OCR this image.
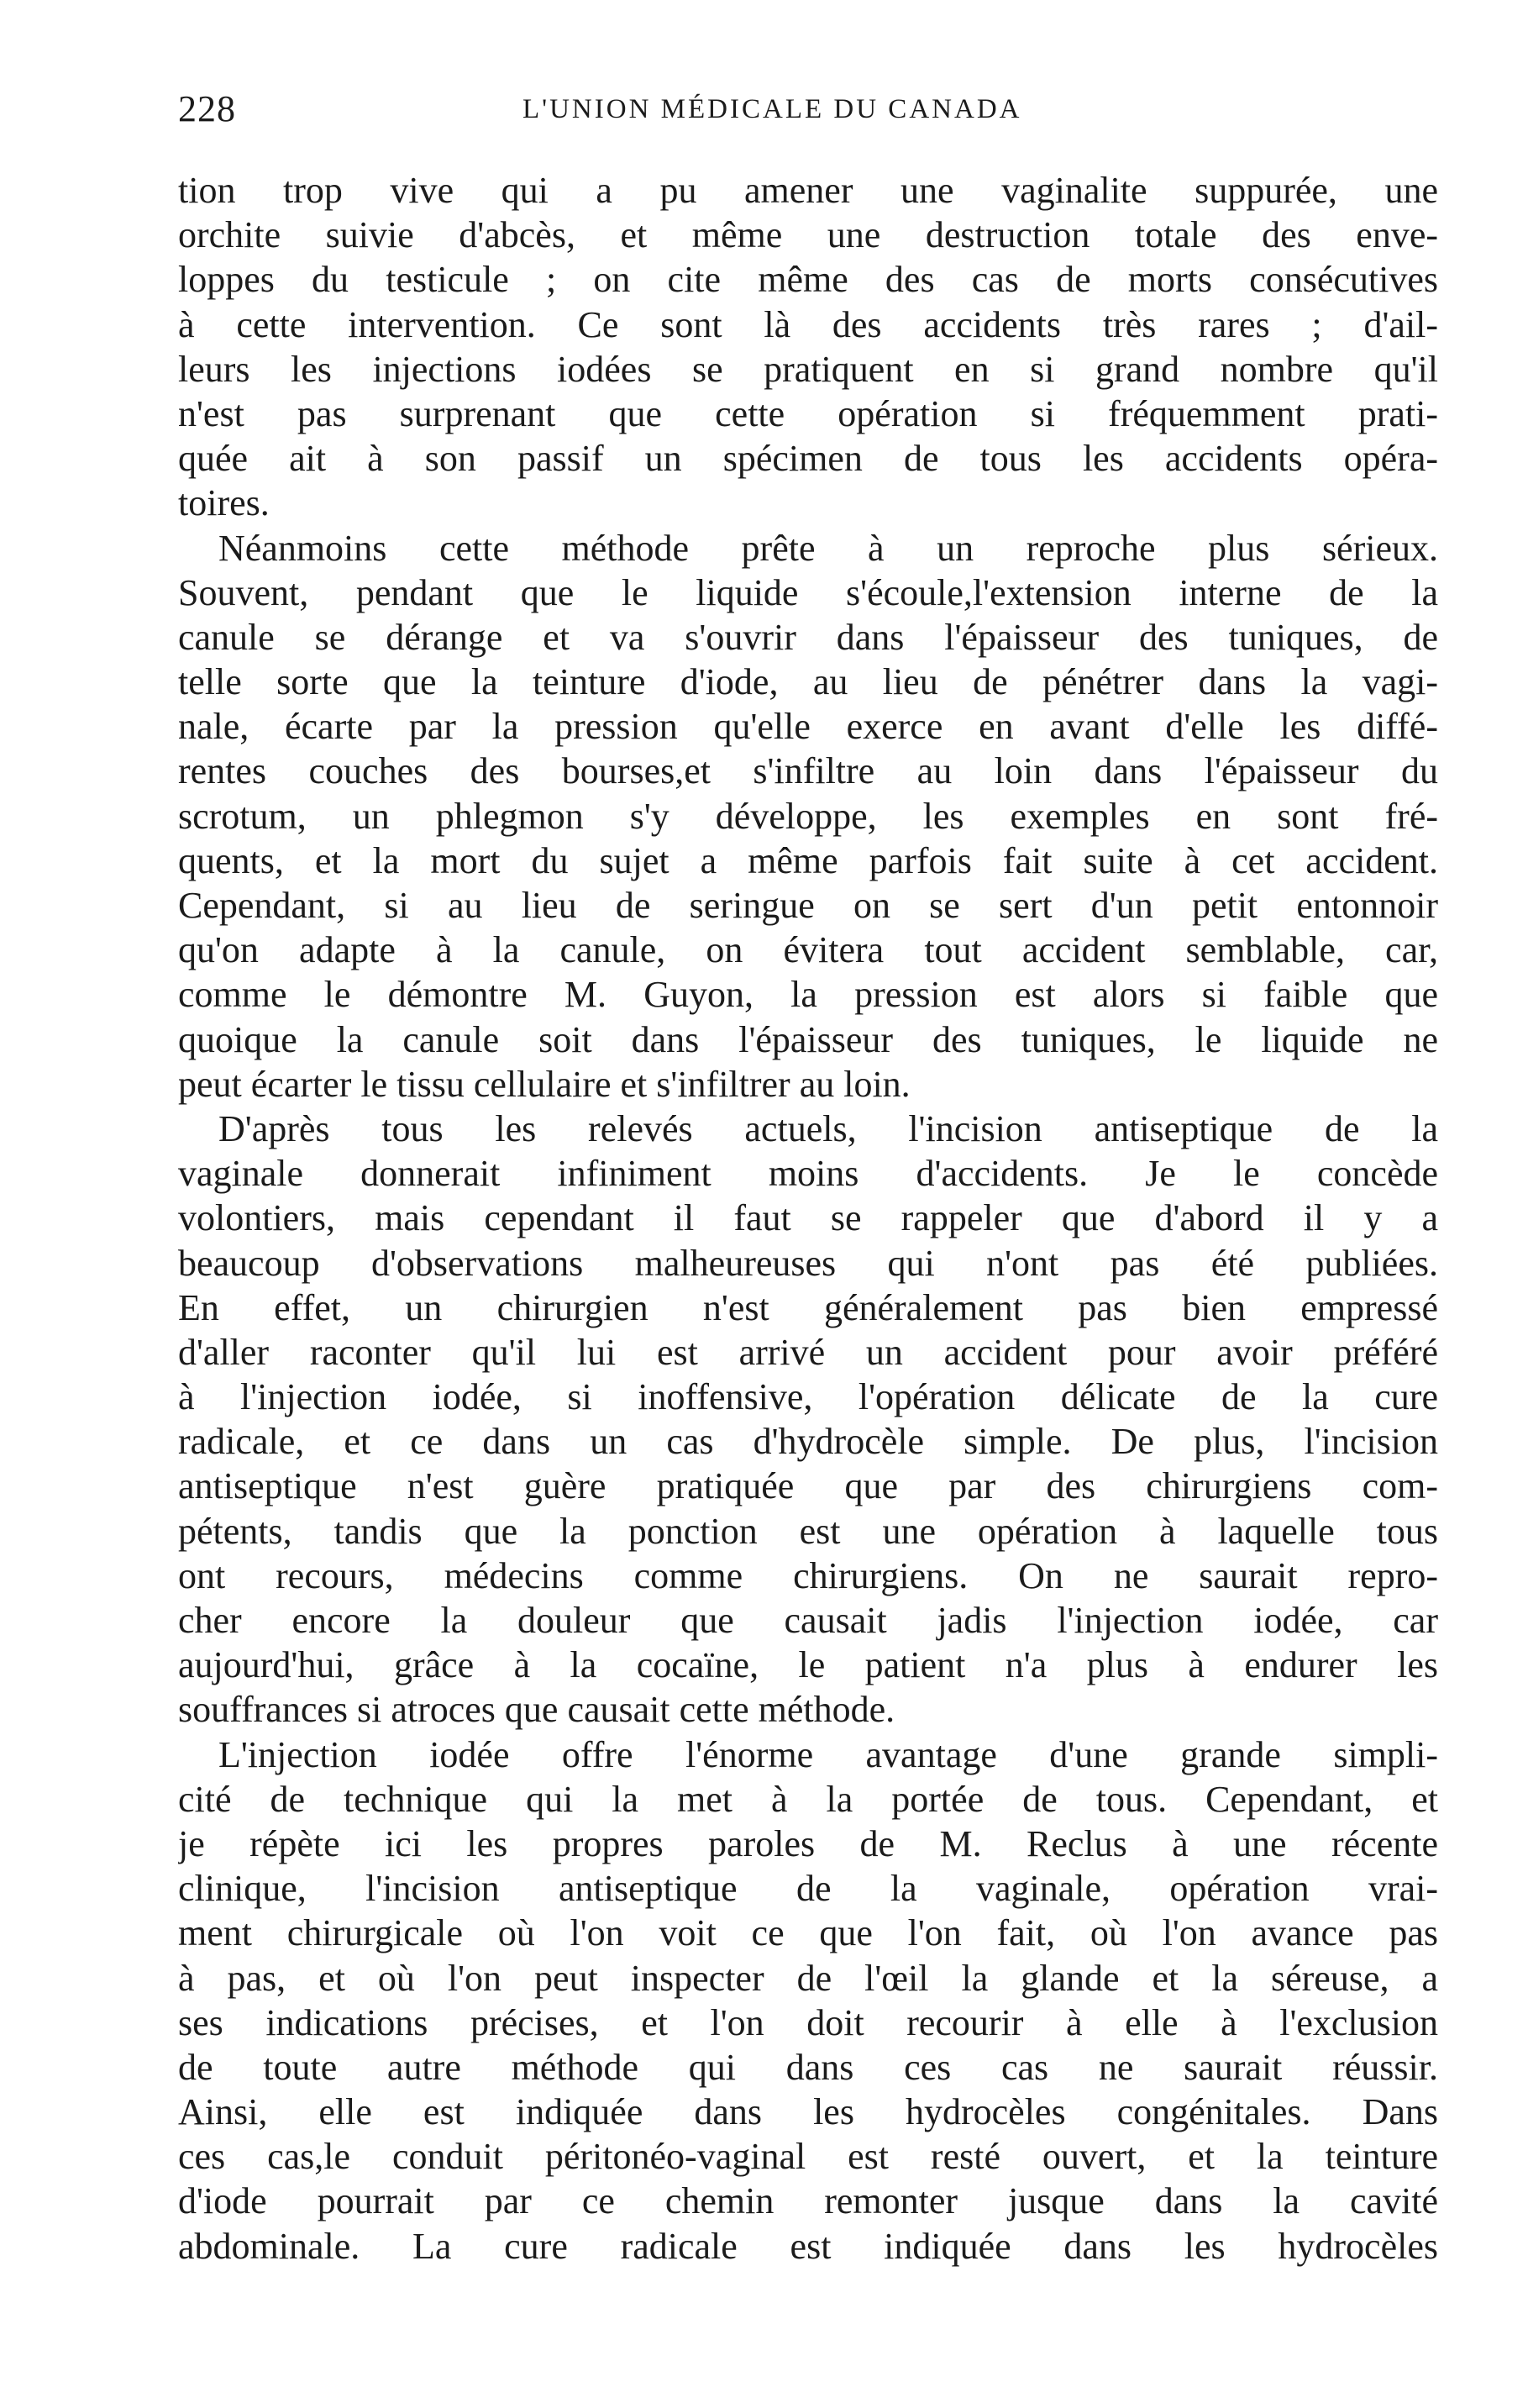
228	L'UNION MÉDICALE DU CANADA
tion trop vive qui a pu amener une vaginalite suppurée, une
orchite suivie d'abcès, et même une destruction totale des enve-
loppes du testicule ; on cite même des cas de morts consécutives
à cette intervention. Ce sont là des accidents très rares ; d'ail-
leurs les injections iodées se pratiquent en si grand nombre qu'il
n'est pas surprenant que cette opération si fréquemment prati-
quée ait à son passif un spécimen de tous les accidents opéra-
toires.
Néanmoins cette méthode prête à un reproche plus sérieux.
Souvent, pendant que le liquide s'écoule,l'extension interne de la
canule se dérange et va s'ouvrir dans l'épaisseur des tuniques, de
telle sorte que la teinture d'iode, au lieu de pénétrer dans la vagi-
nale, écarte par la pression qu'elle exerce en avant d'elle les diffé-
rentes couches des bourses,et s'infiltre au loin dans l'épaisseur du
scrotum, un phlegmon s'y développe, les exemples en sont fré-
quents, et la mort du sujet a même parfois fait suite à cet accident.
Cependant, si au lieu de seringue on se sert d'un petit entonnoir
qu'on adapte à la canule, on évitera tout accident semblable, car,
comme le démontre M. Guyon, la pression est alors si faible que
quoique la canule soit dans l'épaisseur des tuniques, le liquide ne
peut écarter le tissu cellulaire et s'infiltrer au loin.
D'après tous les relevés actuels, l'incision antiseptique de la
vaginale donnerait infiniment moins d'accidents. Je le concède
volontiers, mais cependant il faut se rappeler que d'abord il y a
beaucoup d'observations malheureuses qui n'ont pas été publiées.
En effet, un chirurgien n'est généralement pas bien empressé
d'aller raconter qu'il lui est arrivé un accident pour avoir préféré
à l'injection iodée, si inoffensive, l'opération délicate de la cure
radicale, et ce dans un cas d'hydrocèle simple. De plus, l'incision
antiseptique n'est guère pratiquée que par des chirurgiens com-
pétents, tandis que la ponction est une opération à laquelle tous
ont recours, médecins comme chirurgiens. On ne saurait repro-
cher encore la douleur que causait jadis l'injection iodée, car
aujourd'hui, grâce à la cocaïne, le patient n'a plus à endurer les
souffrances si atroces que causait cette méthode.
L'injection iodée offre l'énorme avantage d'une grande simpli-
cité de technique qui la met à la portée de tous. Cependant, et
je répète ici les propres paroles de M. Reclus à une récente
clinique, l'incision antiseptique de la vaginale, opération vrai-
ment chirurgicale où l'on voit ce que l'on fait, où l'on avance pas
à pas, et où l'on peut inspecter de l'œil la glande et la séreuse, a
ses indications précises, et l'on doit recourir à elle à l'exclusion
de toute autre méthode qui dans ces cas ne saurait réussir.
Ainsi, elle est indiquée dans les hydrocèles congénitales. Dans
ces cas,le conduit péritonéo-vaginal est resté ouvert, et la teinture
d'iode pourrait par ce chemin remonter jusque dans la cavité
abdominale. La cure radicale est indiquée dans les hydrocèles
